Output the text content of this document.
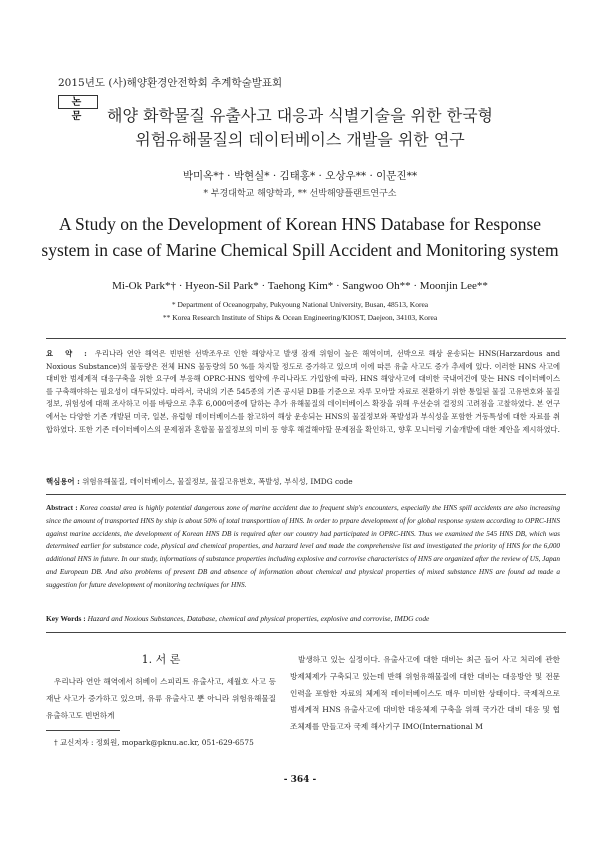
2015년도 (사)해양환경안전학회 추계학술발표회
논 문	해양 화학물질 유출사고 대응과 식별기술을 위한 한국형
위험유해물질의 데이터베이스 개발을 위한 연구
박미옥*† · 박현실* · 김태홍* · 오상우** · 이문진**
* 부경대학교 해양학과, ** 선박해양플랜트연구소
A Study on the Development of Korean HNS Database for Response
system in case of Marine Chemical Spill Accident and Monitoring system
Mi-Ok Park*† · Hyeon-Sil Park* · Taehong Kim* · Sangwoo Oh** · Moonjin Lee**
* Department of Oceanogrpahy, Pukyoung National University, Busan, 48513, Korea
** Korea Research Institute of Ships & Ocean Engineering/KIOST, Daejeon, 34103, Korea
요 약 : 우리나라 연안 해역은 빈번한 선박조우로 인한 해양사고 발생 잠재 위험이 높은 해역이며, 선박으로 해상 운송되는 HNS(Harzardous and Noxious Substance)의 물동량은 전체 HNS 물동량의 50 %를 차지할 정도로 증가하고 있으며 이에 따른 유출 사고도 증가 추세에 있다. 이러한 HNS 사고에 대비한 범세계적 대응구축을 위한 요구에 부응해 OPRC-HNS 협약에 우리나라도 가입함에 따라, HNS 해양사고에 대비한 국내여건에 맞는 HNS 데이터베이스를 구축해야하는 필요성이 대두되었다. 따라서, 국내의 기존 545종의 기존 공시된 DB를 기준으로 자루 모아말 자료로 전환하기 위한 통일된 물질 고유번호와 물질정보, 위험성에 대해 조사하고 이를 바탕으로 추후 6,000여종에 달하는 추가 유해물질의 데이터베이스 확장을 위해 우선순위 결정의 고려점을 고찰하였다. 본 연구에서는 다양한 기존 개발된 미국, 일본, 유럽형 데이터베이스를 참고하여 해상 운송되는 HNS의 물질정보와 폭발성과 부식성을 포함한 거동특성에 대한 자료를 취합하였다. 또한 기존 데이터베이스의 문제점과 혼합물 물질정보의 미비 등 향후 해결해야할 문제점을 확인하고, 향후 모니터링 기술개발에 대한 제안을 제시하였다.
핵심용어 : 위험유해물질, 데이터베이스, 물질정보, 물질고유번호, 폭발성, 부식성, IMDG code
Abstract : Korea coastal area is highly potential dangerous zone of marine accident due to frequent ship's encounters, especially the HNS spill accidents are also increasing since the amount of transported HNS by ship is about 50% of total transporttion of HNS. In order to prpare development of for global response system according to OPRC-HNS against marine accidents, the development of Korean HNS DB is required after our country had participated in OPRC-HNS. Thus we examined the 545 HNS DB, which was determined earlier for substance code, physical and chemical properties, and harzard level and made the comprehensive list and investigated the priority of HNS for the 6,000 additional HNS in future. In our study, informations of substance properties including explosive and corrovise characteristcs of HNS are organized after the review of US, Japan and European DB. And also problems of present DB and absence of information about chemical and physical properties of mixed substance HNS are found ad made a suggestion for future development of monitoring techniques for HNS.
Key Words : Hazard and Noxious Substances, Database, chemical and physical properties, explosive and corrovise, IMDG code
1. 서 론

우리나라 연안 해역에서 허베이 스피리트 유출사고, 세월호 사고 등 재난 사고가 증가하고 있으며, 유류 유출사고 뿐 아니라 위험유해물질 유출하고도 빈번하게

발생하고 있는 실정이다. 유출사고에 대한 대비는 최근 들어 사고 처리에 관한 방제체제가 구축되고 있는데 반해 위험유해물질에 대한 대비는 대응방안 및 전문 인력을 포함한 자료의 체계적 데이터베이스도 매우 미비한 상태이다. 국제적으로 범세계적 HNS 유출사고에 대비한 대응체제 구축을 위해 국가간 대비 대응 및 협조체제를 만들고자 국제 해사기구 IMO(International M

† 교신저자 : 정회원, mopark@pknu.ac.kr, 051-629-6575
- 364 -
